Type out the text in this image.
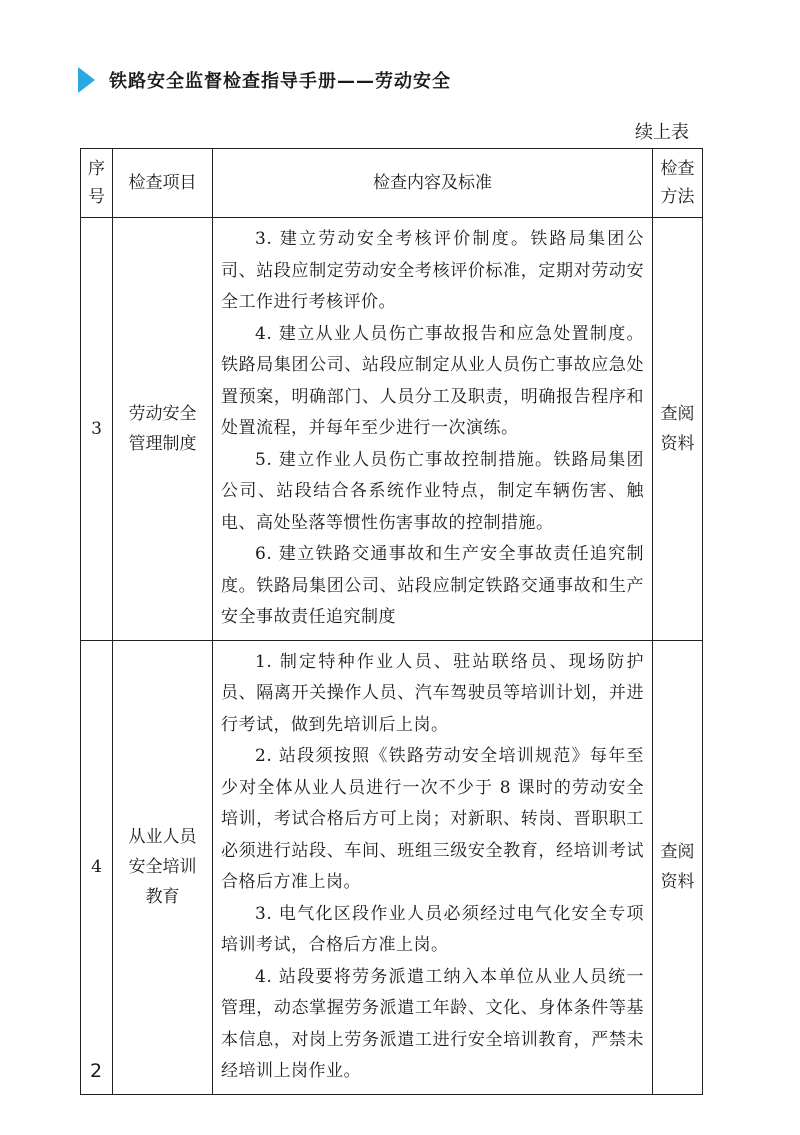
铁路安全监督检查指导手册——劳动安全
续上表
序号	检查项目	检查内容及标准	检查方法
3	劳动安全管理制度	3. 建立劳动安全考核评价制度。铁路局集团公司、站段应制定劳动安全考核评价标准，定期对劳动安全工作进行考核评价。

4. 建立从业人员伤亡事故报告和应急处置制度。铁路局集团公司、站段应制定从业人员伤亡事故应急处置预案，明确部门、人员分工及职责，明确报告程序和处置流程，并每年至少进行一次演练。

5. 建立作业人员伤亡事故控制措施。铁路局集团公司、站段结合各系统作业特点，制定车辆伤害、触电、高处坠落等惯性伤害事故的控制措施。

6. 建立铁路交通事故和生产安全事故责任追究制度。铁路局集团公司、站段应制定铁路交通事故和生产安全事故责任追究制度	查阅资料
4	从业人员安全培训教育	1. 制定特种作业人员、驻站联络员、现场防护员、隔离开关操作人员、汽车驾驶员等培训计划，并进行考试，做到先培训后上岗。

2. 站段须按照《铁路劳动安全培训规范》每年至少对全体从业人员进行一次不少于 8 课时的劳动安全培训，考试合格后方可上岗；对新职、转岗、晋职职工必须进行站段、车间、班组三级安全教育，经培训考试合格后方准上岗。

3. 电气化区段作业人员必须经过电气化安全专项培训考试，合格后方准上岗。

4. 站段要将劳务派遣工纳入本单位从业人员统一管理，动态掌握劳务派遣工年龄、文化、身体条件等基本信息，对岗上劳务派遣工进行安全培训教育，严禁未经培训上岗作业。	查阅资料
2
